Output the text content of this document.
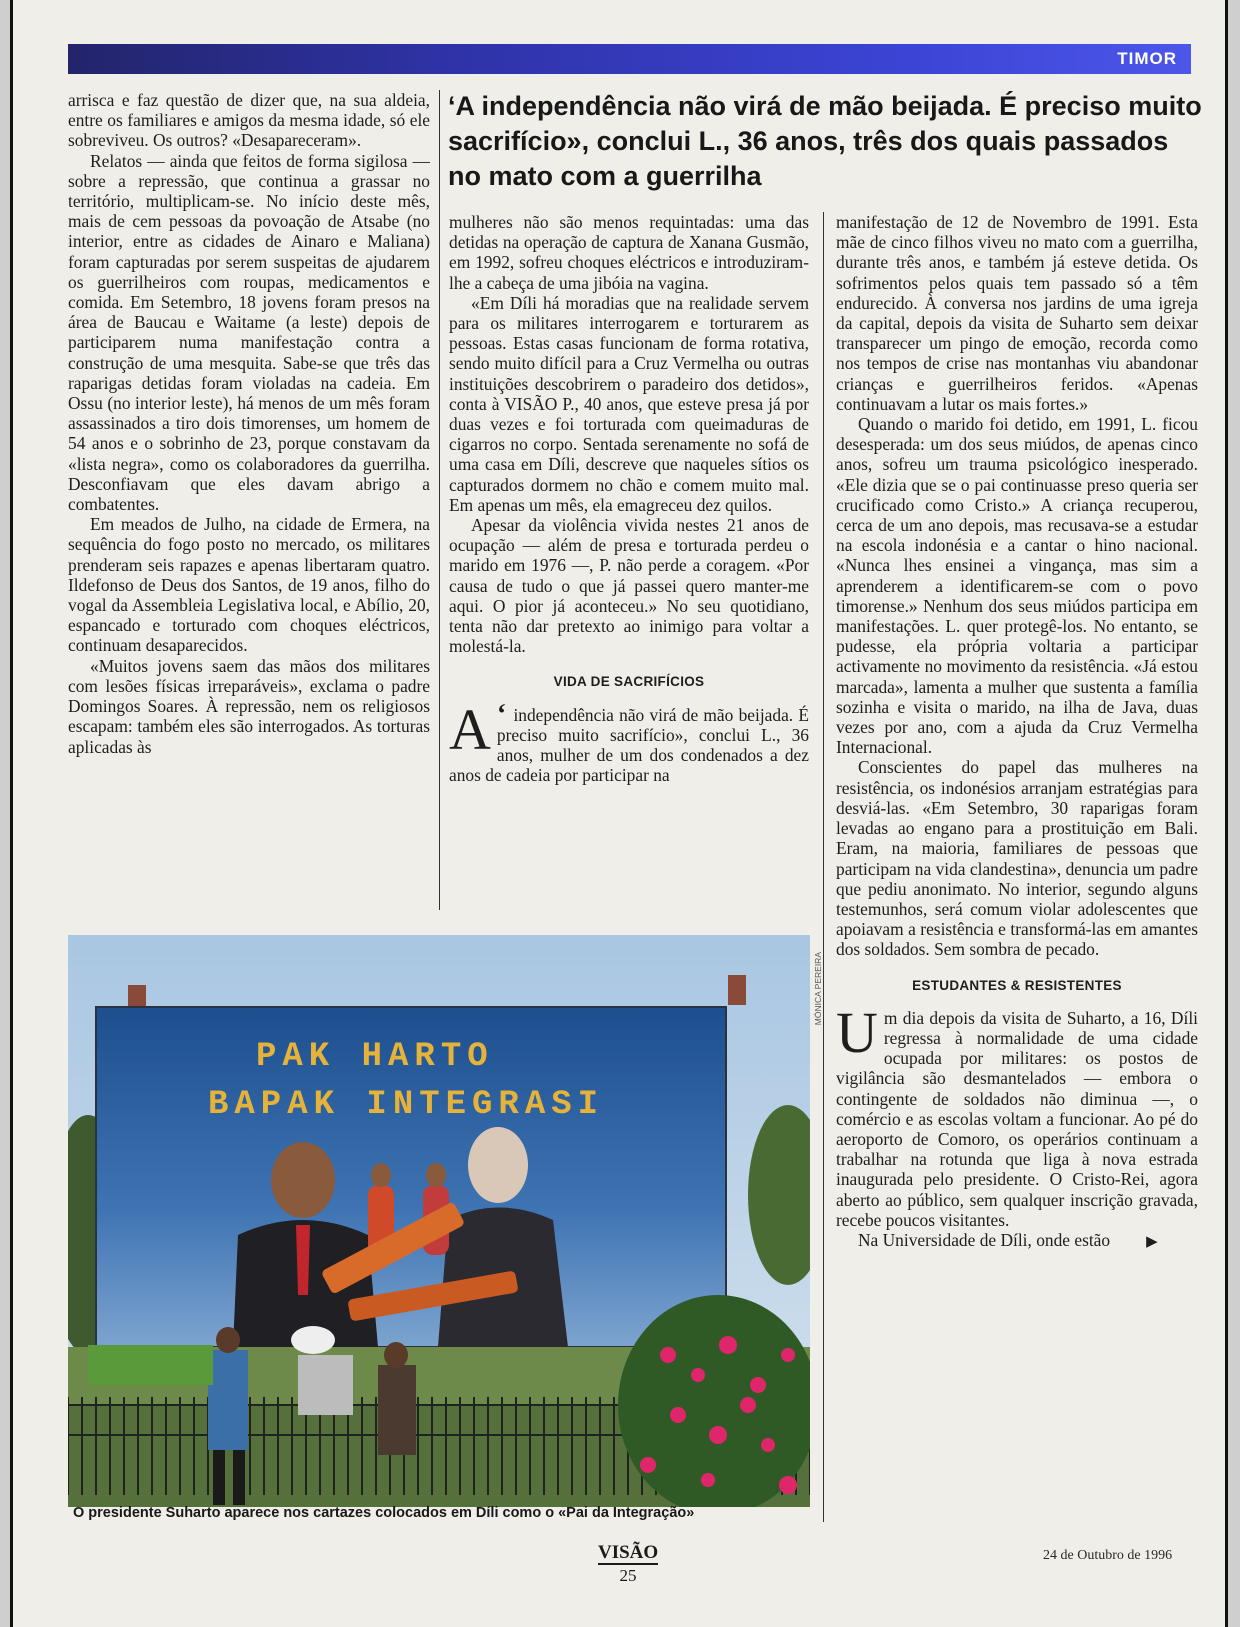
TIMOR
‘A independência não virá de mão beijada. É preciso muito sacrifício», conclui L., 36 anos, três dos quais passados no mato com a guerrilha

arrisca e faz questão de dizer que, na sua aldeia, entre os familiares e amigos da mesma idade, só ele sobreviveu. Os outros? «Desapareceram».

Relatos — ainda que feitos de forma sigilosa — sobre a repressão, que continua a grassar no território, multiplicam-se. No início deste mês, mais de cem pessoas da povoação de Atsabe (no interior, entre as cidades de Ainaro e Maliana) foram capturadas por serem suspeitas de ajudarem os guerrilheiros com roupas, medicamentos e comida. Em Setembro, 18 jovens foram presos na área de Baucau e Waitame (a leste) depois de participarem numa manifestação contra a construção de uma mesquita. Sabe-se que três das raparigas detidas foram violadas na cadeia. Em Ossu (no interior leste), há menos de um mês foram assassinados a tiro dois timorenses, um homem de 54 anos e o sobrinho de 23, porque constavam da «lista negra», como os colaboradores da guerrilha. Desconfiavam que eles davam abrigo a combatentes.

Em meados de Julho, na cidade de Ermera, na sequência do fogo posto no mercado, os militares prenderam seis rapazes e apenas libertaram quatro. Ildefonso de Deus dos Santos, de 19 anos, filho do vogal da Assembleia Legislativa local, e Abílio, 20, espancado e torturado com choques eléctricos, continuam desaparecidos.

«Muitos jovens saem das mãos dos militares com lesões físicas irreparáveis», exclama o padre Domingos Soares. À repressão, nem os religiosos escapam: também eles são interrogados. As torturas aplicadas às

mulheres não são menos requintadas: uma das detidas na operação de captura de Xanana Gusmão, em 1992, sofreu choques eléctricos e introduziram-lhe a cabeça de uma jibóia na vagina.

«Em Díli há moradias que na realidade servem para os militares interrogarem e torturarem as pessoas. Estas casas funcionam de forma rotativa, sendo muito difícil para a Cruz Vermelha ou outras instituições descobrirem o paradeiro dos detidos», conta à VISÃO P., 40 anos, que esteve presa já por duas vezes e foi torturada com queimaduras de cigarros no corpo. Sentada serenamente no sofá de uma casa em Díli, descreve que naqueles sítios os capturados dormem no chão e comem muito mal. Em apenas um mês, ela emagreceu dez quilos.

Apesar da violência vivida nestes 21 anos de ocupação — além de presa e torturada perdeu o marido em 1976 —, P. não perde a coragem. «Por causa de tudo o que já passei quero manter-me aqui. O pior já aconteceu.» No seu quotidiano, tenta não dar pretexto ao inimigo para voltar a molestá-la.

VIDA DE SACRIFÍCIOS

‘
A independência não virá de mão beijada. É preciso muito sacrifício», conclui L., 36 anos, mulher de um dos condenados a dez anos de cadeia por participar na

manifestação de 12 de Novembro de 1991. Esta mãe de cinco filhos viveu no mato com a guerrilha, durante três anos, e também já esteve detida. Os sofrimentos pelos quais tem passado só a têm endurecido. À conversa nos jardins de uma igreja da capital, depois da visita de Suharto sem deixar transparecer um pingo de emoção, recorda como nos tempos de crise nas montanhas viu abandonar crianças e guerrilheiros feridos. «Apenas continuavam a lutar os mais fortes.»

Quando o marido foi detido, em 1991, L. ficou desesperada: um dos seus miúdos, de apenas cinco anos, sofreu um trauma psicológico inesperado. «Ele dizia que se o pai continuasse preso queria ser crucificado como Cristo.» A criança recuperou, cerca de um ano depois, mas recusava-se a estudar na escola indonésia e a cantar o hino nacional. «Nunca lhes ensinei a vingança, mas sim a aprenderem a identificarem-se com o povo timorense.» Nenhum dos seus miúdos participa em manifestações. L. quer protegê-los. No entanto, se pudesse, ela própria voltaria a participar activamente no movimento da resistência. «Já estou marcada», lamenta a mulher que sustenta a família sozinha e visita o marido, na ilha de Java, duas vezes por ano, com a ajuda da Cruz Vermelha Internacional.

Conscientes do papel das mulheres na resistência, os indonésios arranjam estratégias para desviá-las. «Em Setembro, 30 raparigas foram levadas ao engano para a prostituição em Bali. Eram, na maioria, familiares de pessoas que participam na vida clandestina», denuncia um padre que pediu anonimato. No interior, segundo alguns testemunhos, será comum violar adolescentes que apoiavam a resistência e transformá-las em amantes dos soldados. Sem sombra de pecado.

ESTUDANTES & RESISTENTES

Um dia depois da visita de Suharto, a 16, Díli regressa à normalidade de uma cidade ocupada por militares: os postos de vigilância são desmantelados — embora o contingente de soldados não diminua —, o comércio e as escolas voltam a funcionar. Ao pé do aeroporto de Comoro, os operários continuam a trabalhar na rotunda que liga à nova estrada inaugurada pelo presidente. O Cristo-Rei, agora aberto ao público, sem qualquer inscrição gravada, recebe poucos visitantes.

Na Universidade de Díli, onde estão ▶

PAK HARTO
BAPAK INTEGRASI
MÓNICA PEREIRA
O presidente Suharto aparece nos cartazes colocados em Díli como o «Pai da Integração»
VISÃO
25
24 de Outubro de 1996
